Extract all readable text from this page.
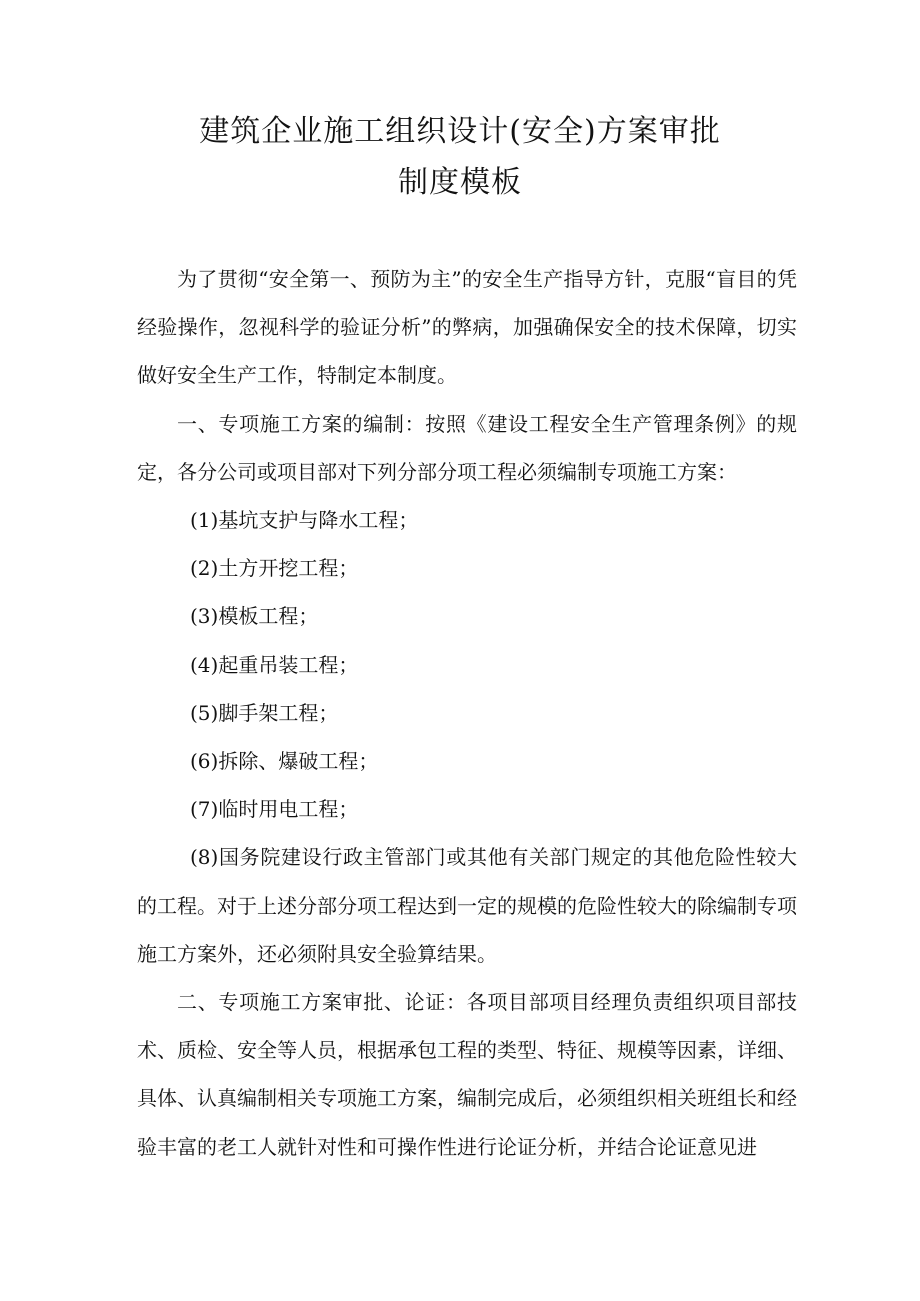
建筑企业施工组织设计(安全)方案审批
制度模板

为了贯彻“安全第一、预防为主”的安全生产指导方针，克服“盲目的凭经验操作，忽视科学的验证分析”的弊病，加强确保安全的技术保障，切实做好安全生产工作，特制定本制度。

一、专项施工方案的编制：按照《建设工程安全生产管理条例》的规定，各分公司或项目部对下列分部分项工程必须编制专项施工方案：

(1)基坑支护与降水工程；

(2)土方开挖工程；

(3)模板工程；

(4)起重吊装工程；

(5)脚手架工程；

(6)拆除、爆破工程；

(7)临时用电工程；

(8)国务院建设行政主管部门或其他有关部门规定的其他危险性较大的工程。对于上述分部分项工程达到一定的规模的危险性较大的除编制专项施工方案外，还必须附具安全验算结果。

二、专项施工方案审批、论证：各项目部项目经理负责组织项目部技术、质检、安全等人员，根据承包工程的类型、特征、规模等因素，详细、具体、认真编制相关专项施工方案，编制完成后，必须组织相关班组长和经验丰富的老工人就针对性和可操作性进行论证分析，并结合论证意见进
